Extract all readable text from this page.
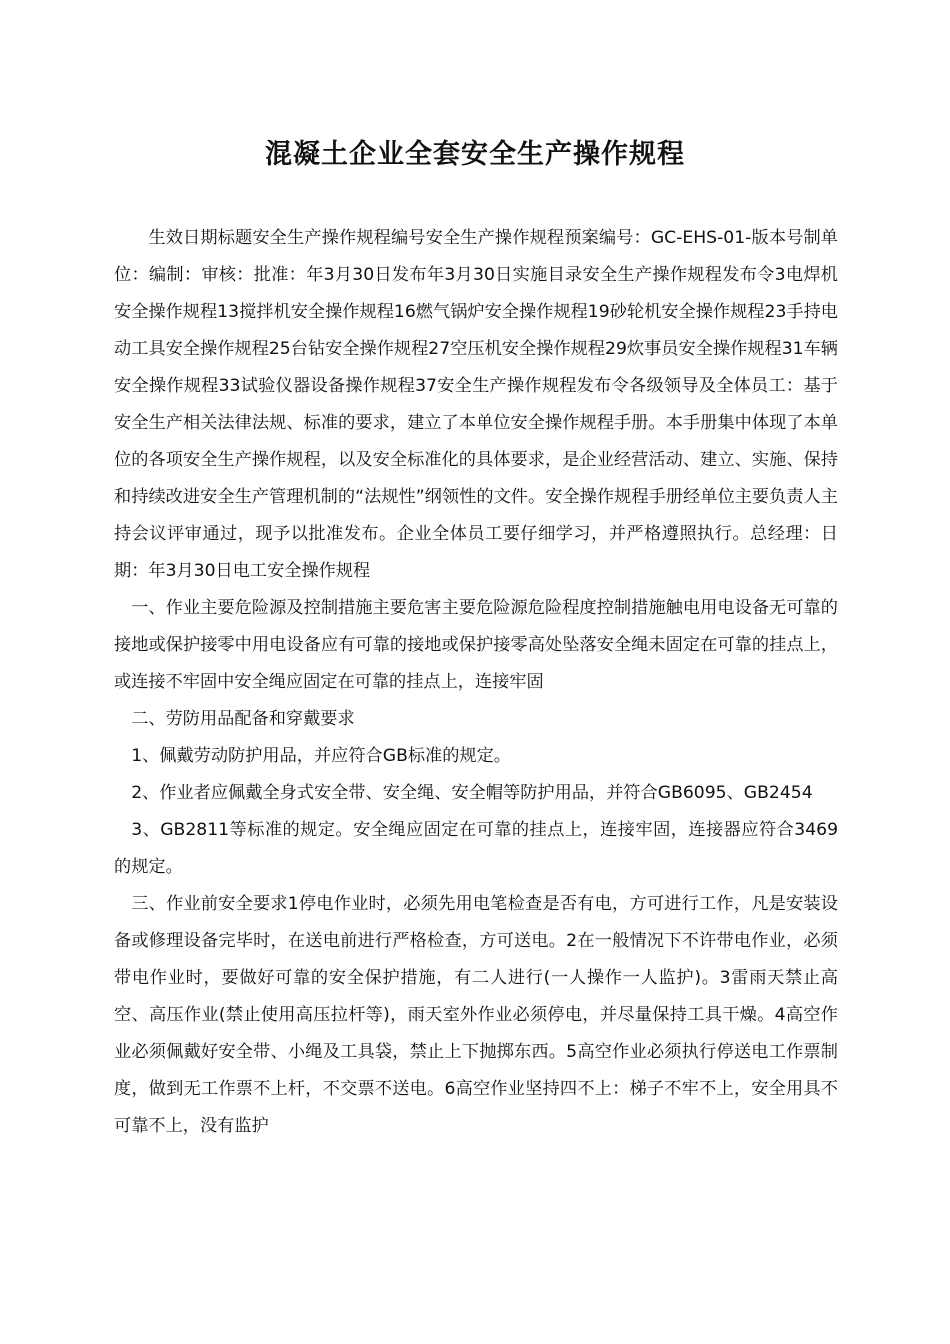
混凝土企业全套安全生产操作规程

生效日期标题安全生产操作规程编号安全生产操作规程预案编号：GC-EHS-01-版本号制单位：编制：审核：批准：年3月30日发布年3月30日实施目录安全生产操作规程发布令3电焊机安全操作规程13搅拌机安全操作规程16燃气锅炉安全操作规程19砂轮机安全操作规程23手持电动工具安全操作规程25台钻安全操作规程27空压机安全操作规程29炊事员安全操作规程31车辆安全操作规程33试验仪器设备操作规程37安全生产操作规程发布令各级领导及全体员工：基于安全生产相关法律法规、标准的要求，建立了本单位安全操作规程手册。本手册集中体现了本单位的各项安全生产操作规程，以及安全标准化的具体要求，是企业经营活动、建立、实施、保持和持续改进安全生产管理机制的“法规性”纲领性的文件。安全操作规程手册经单位主要负责人主持会议评审通过，现予以批准发布。企业全体员工要仔细学习，并严格遵照执行。总经理：日期：年3月30日电工安全操作规程

一、作业主要危险源及控制措施主要危害主要危险源危险程度控制措施触电用电设备无可靠的接地或保护接零中用电设备应有可靠的接地或保护接零高处坠落安全绳未固定在可靠的挂点上，或连接不牢固中安全绳应固定在可靠的挂点上，连接牢固

二、劳防用品配备和穿戴要求

1、佩戴劳动防护用品，并应符合GB标准的规定。

2、作业者应佩戴全身式安全带、安全绳、安全帽等防护用品，并符合GB6095、GB2454

3、GB2811等标准的规定。安全绳应固定在可靠的挂点上，连接牢固，连接器应符合3469的规定。

三、作业前安全要求1停电作业时，必须先用电笔检查是否有电，方可进行工作，凡是安装设备或修理设备完毕时，在送电前进行严格检查，方可送电。2在一般情况下不许带电作业，必须带电作业时，要做好可靠的安全保护措施，有二人进行(一人操作一人监护)。3雷雨天禁止高空、高压作业(禁止使用高压拉杆等)，雨天室外作业必须停电，并尽量保持工具干燥。4高空作业必须佩戴好安全带、小绳及工具袋，禁止上下抛掷东西。5高空作业必须执行停送电工作票制度，做到无工作票不上杆，不交票不送电。6高空作业坚持四不上：梯子不牢不上，安全用具不可靠不上，没有监护
